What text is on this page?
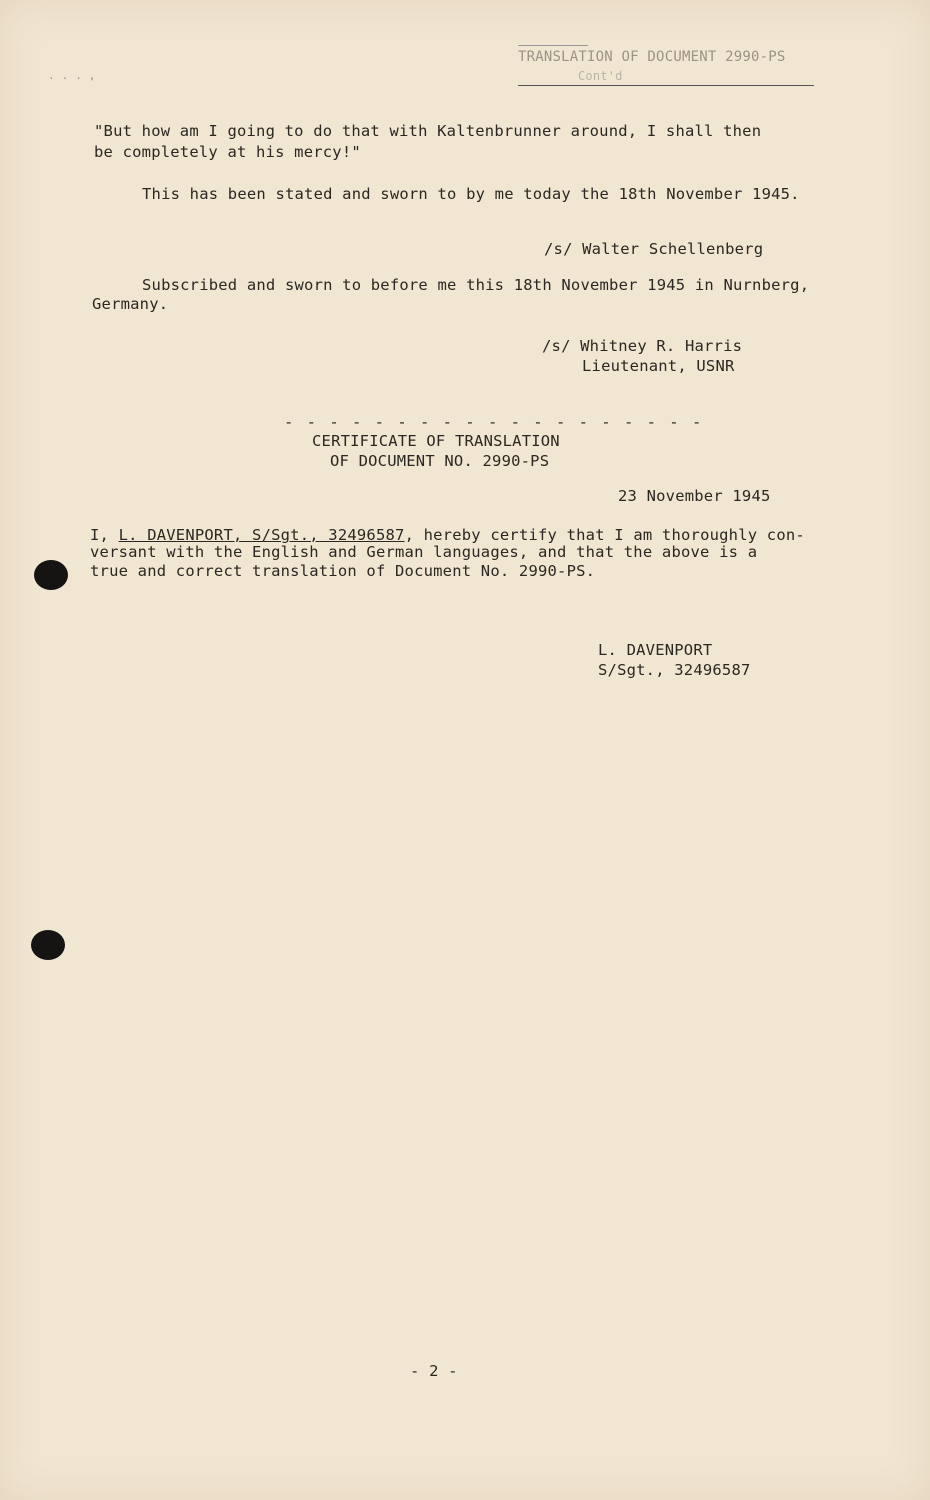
. . . ,
TRANSLATION OF DOCUMENT 2990-PS
Cont'd
"But how am I going to do that with Kaltenbrunner around, I shall then
be completely at his mercy!"
This has been stated and sworn to by me today the 18th November 1945.
/s/ Walter Schellenberg
Subscribed and sworn to before me this 18th November 1945 in Nurnberg,
Germany.
/s/ Whitney R. Harris
Lieutenant, USNR
- - - - - - - - - - - - - - - - - - -
CERTIFICATE OF TRANSLATION
OF DOCUMENT NO. 2990-PS
23 November 1945
I, L. DAVENPORT, S/Sgt., 32496587, hereby certify that I am thoroughly con-
versant with the English and German languages, and that the above is a
true and correct translation of Document No. 2990-PS.
L. DAVENPORT
S/Sgt., 32496587
- 2 -
